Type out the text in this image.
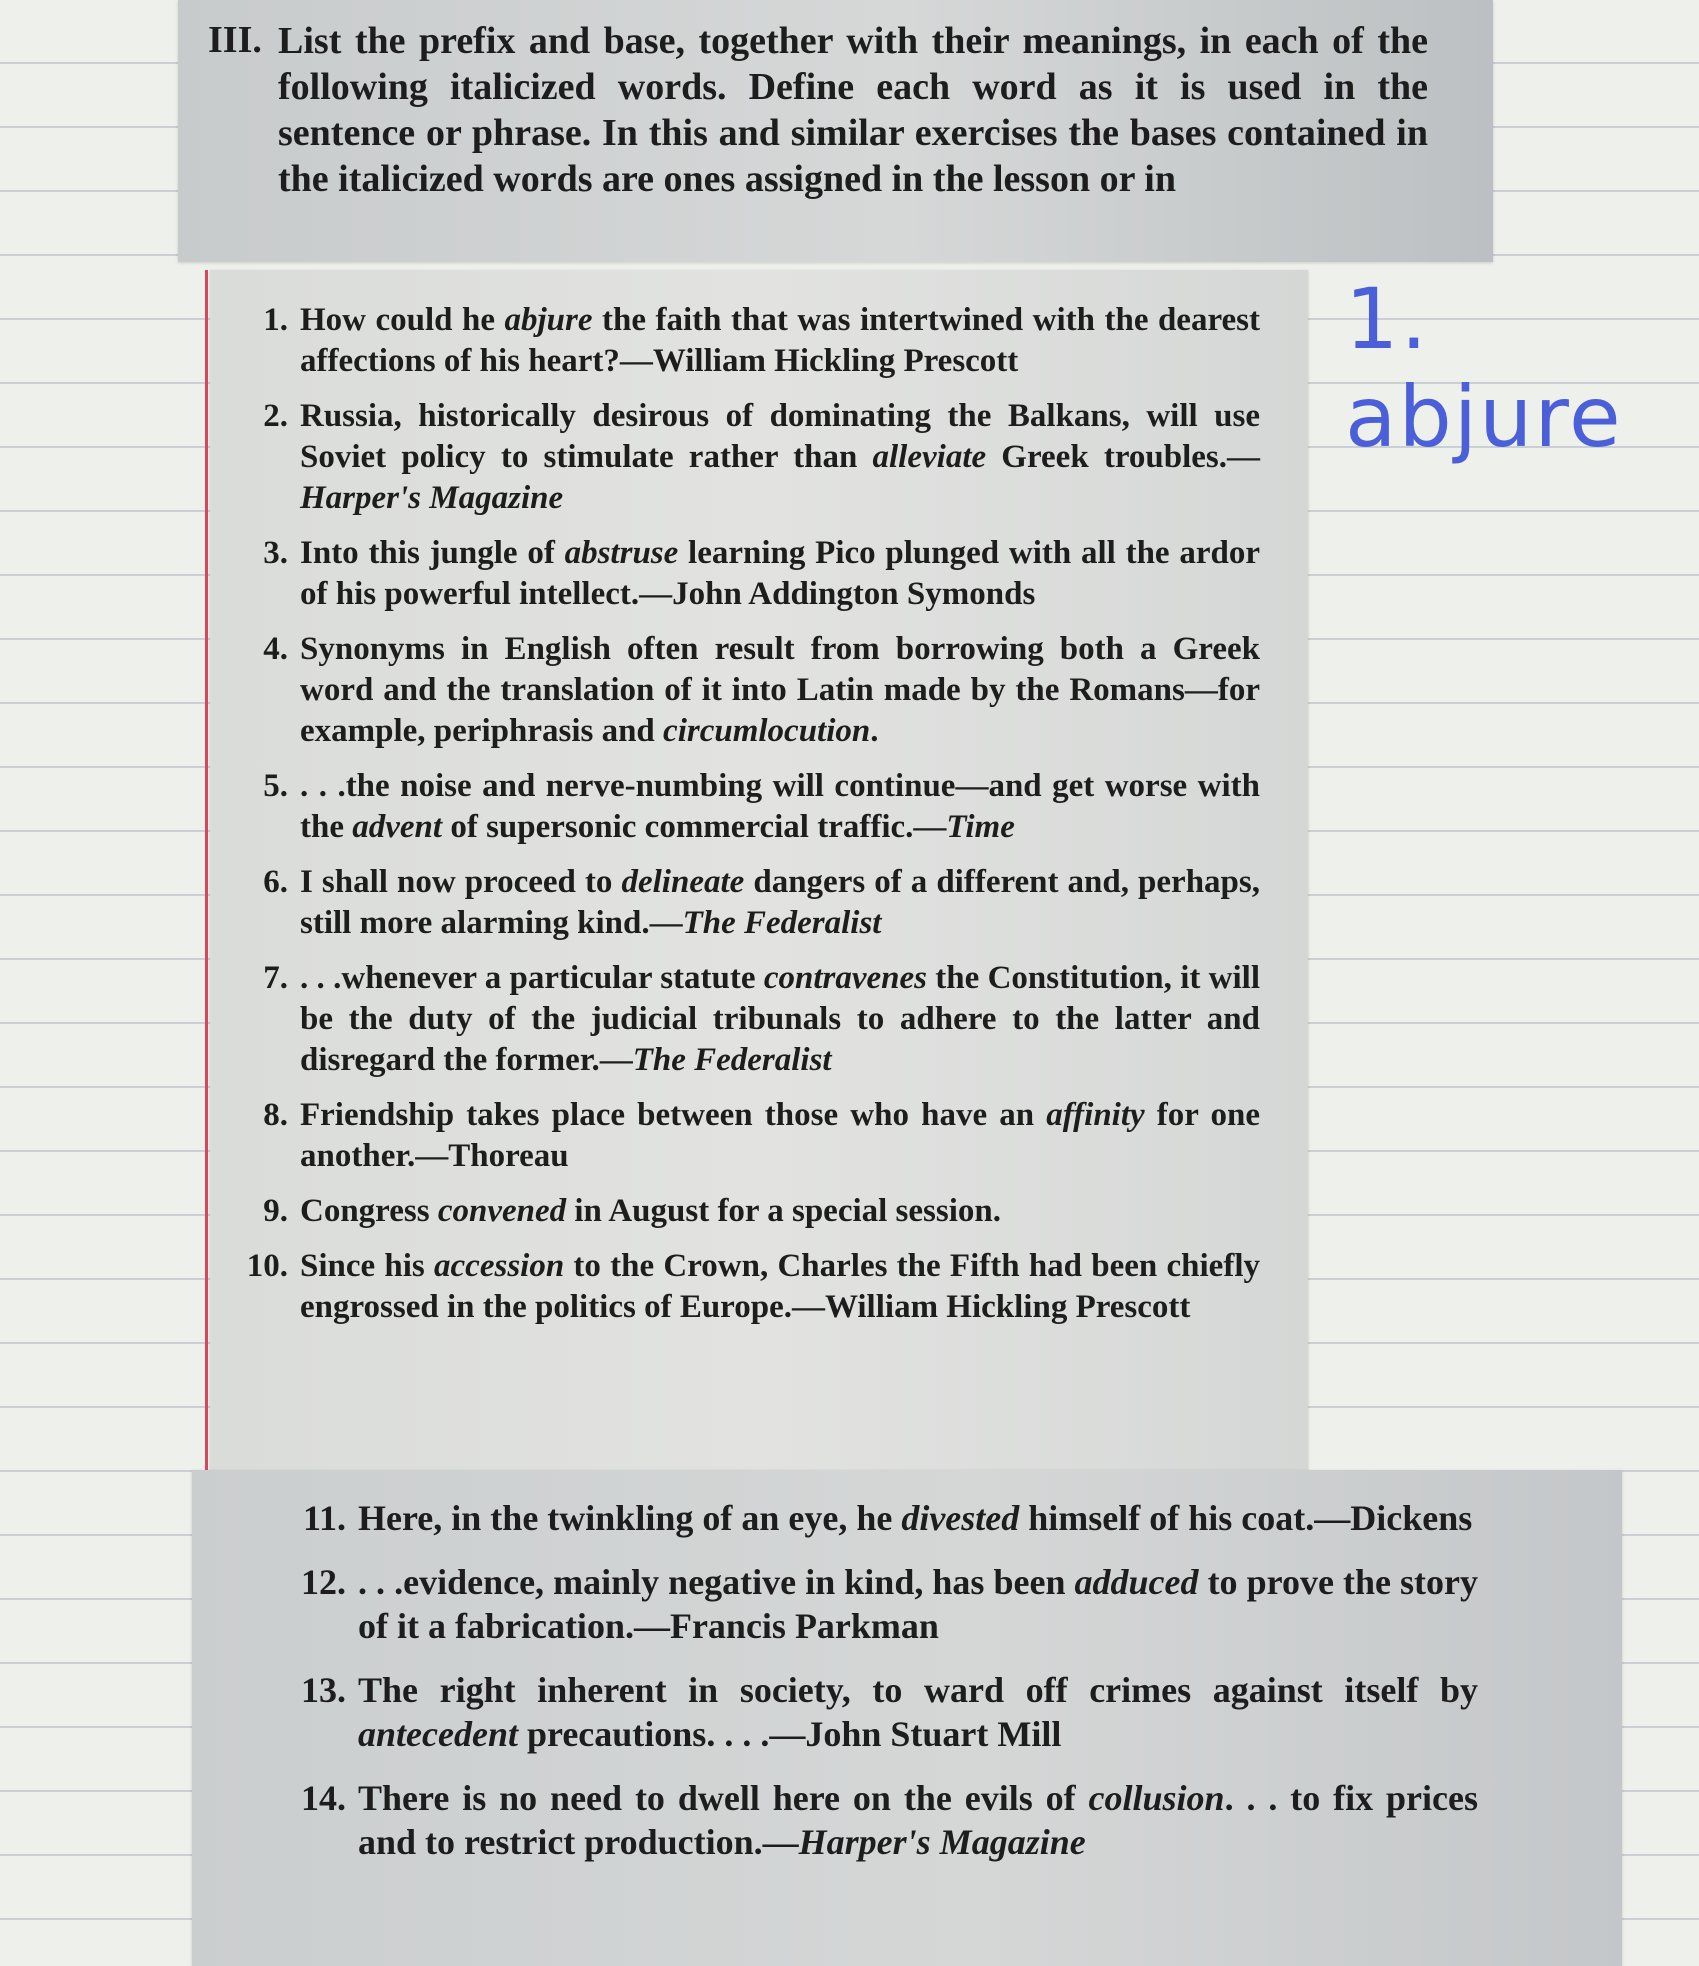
III. List the prefix and base, together with their meanings, in each of the following italicized words. Define each word as it is used in the sentence or phrase. In this and similar exercises the bases contained in the italicized words are ones assigned in the lesson or in
1. How could he abjure the faith that was intertwined with the dearest affections of his heart?—William Hickling Prescott
2. Russia, historically desirous of dominating the Balkans, will use Soviet policy to stimulate rather than alleviate Greek troubles.—Harper's Magazine
3. Into this jungle of abstruse learning Pico plunged with all the ardor of his powerful intellect.—John Addington Symonds
4. Synonyms in English often result from borrowing both a Greek word and the translation of it into Latin made by the Romans—for example, periphrasis and circumlocution.
5. . . .the noise and nerve-numbing will continue—and get worse with the advent of supersonic commercial traffic.—Time
6. I shall now proceed to delineate dangers of a different and, perhaps, still more alarming kind.—The Federalist
7. . . .whenever a particular statute contravenes the Constitution, it will be the duty of the judicial tribunals to adhere to the latter and disregard the former.—The Federalist
8. Friendship takes place between those who have an affinity for one another.—Thoreau
9. Congress convened in August for a special session.
10. Since his accession to the Crown, Charles the Fifth had been chiefly engrossed in the politics of Europe.—William Hickling Prescott
11. Here, in the twinkling of an eye, he divested himself of his coat.—Dickens
12. . . .evidence, mainly negative in kind, has been adduced to prove the story of it a fabrication.—Francis Parkman
13. The right inherent in society, to ward off crimes against itself by antecedent precautions. . . .—John Stuart Mill
14. There is no need to dwell here on the evils of collusion. . . to fix prices and to restrict production.—Harper's Magazine
1. abjure
